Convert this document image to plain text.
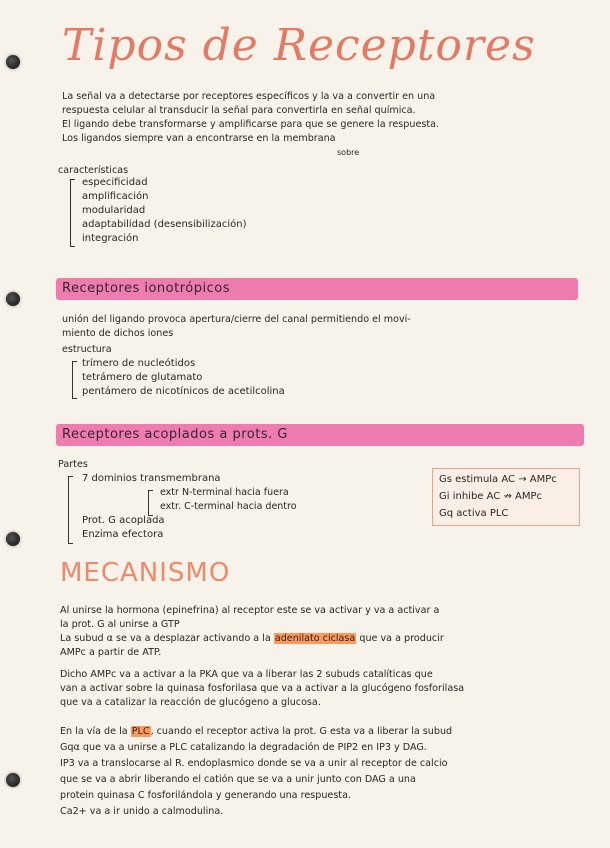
Tipos de Receptores
La señal va a detectarse por receptores específicos y la va a convertir en una
respuesta celular al transducir la señal para convertirla en señal química.
El ligando debe transformarse y amplificarse para que se genere la respuesta.
Los ligandos siempre van a encontrarse en la membrana
sobre
características
especificidad
amplificación
modularidad
adaptabilidad (desensibilización)
integración
Receptores ionotrópicos
unión del ligando provoca apertura/cierre del canal permitiendo el movi-
miento de dichos iones
estructura
trímero de nucleótidos
tetrámero de glutamato
pentámero de nicotínicos de acetilcolina
Receptores acoplados a prots. G
Partes
7 dominios transmembrana
extr N-terminal hacia fuera
extr. C-terminal hacia dentro
Prot. G acoplada
Enzima efectora
Gs estimula AC → AMPc
Gi inhibe AC ↛ AMPc
Gq activa PLC
MECANISMO
Al unirse la hormona (epinefrina) al receptor este se va activar y va a activar a
la prot. G al unirse a GTP
La subud α se va a desplazar activando a la adenilato ciclasa que va a producir
AMPc a partir de ATP.
Dicho AMPc va a activar a la PKA que va a liberar las 2 subuds catalíticas que
van a activar sobre la quinasa fosforilasa que va a activar a la glucógeno fosforilasa
que va a catalizar la reacción de glucógeno a glucosa.
En la vía de la PLC, cuando el receptor activa la prot. G esta va a liberar la subud
Gqα que va a unirse a PLC catalizando la degradación de PIP2 en IP3 y DAG.
IP3 va a translocarse al R. endoplasmico donde se va a unir al receptor de calcio
que se va a abrir liberando el catión que se va a unir junto con DAG a una
protein quinasa C fosforilándola y generando una respuesta.
Ca2+ va a ir unido a calmodulina.
